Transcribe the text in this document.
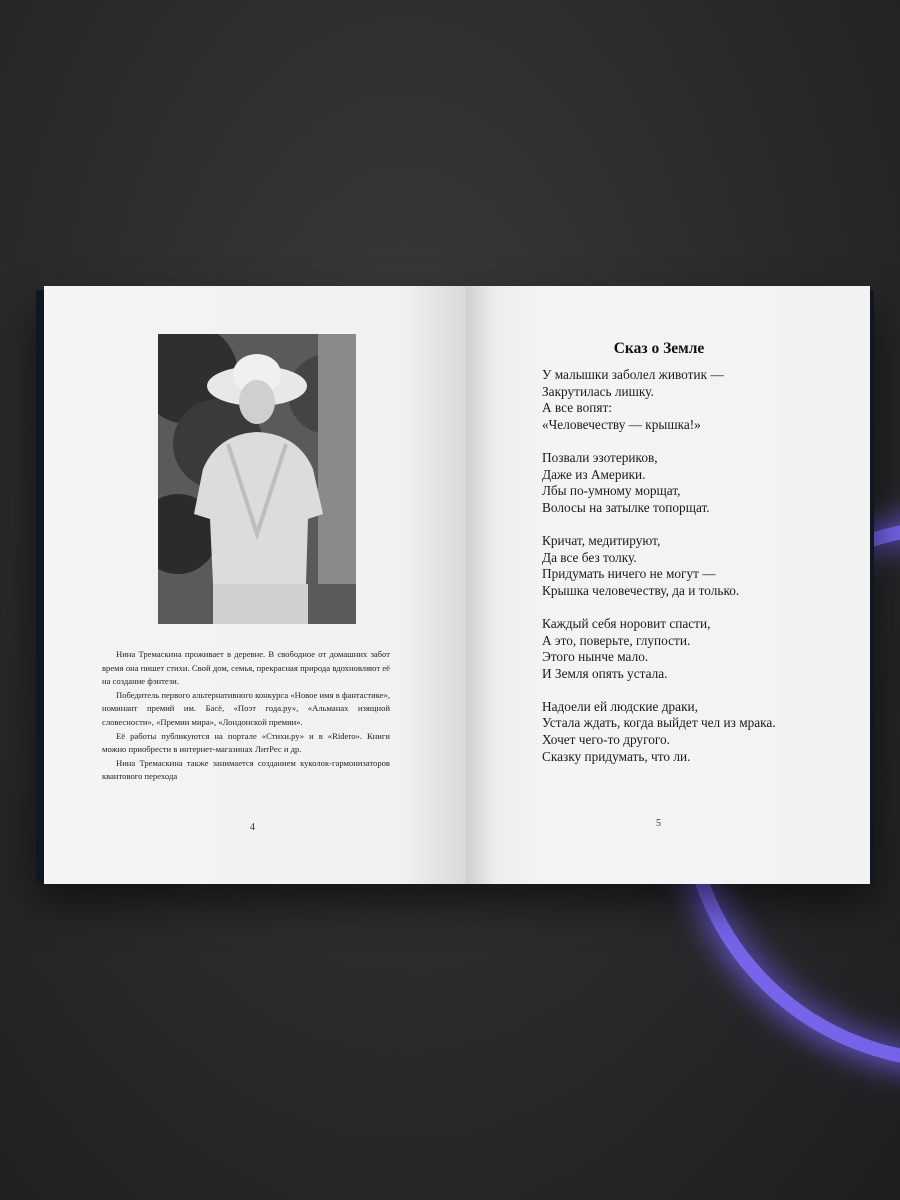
Нина Тремаскина проживает в деревне. В свободное от домашних забот время она пишет стихи. Свой дом, семья, прекрасная природа вдохновляют её на создание фэнтези.

Победитель первого альтернативного конкурса «Новое имя в фантастике», номинант премий им. Басё, «Поэт года.ру», «Альманах изящной словесности», «Премии мира», «Лондонской премии».

Её работы публикуются на портале «Стихи.ру» и в «Ridero». Книги можно приобрести в интернет-магазинах ЛитРес и др.

Нина Тремаскина также занимается созданием куколок-гармонизаторов квантового перехода

4
Сказ о Земле
У малышки заболел животик —
Закрутилась лишку.
А все вопят:
«Человечеству — крышка!»
Позвали эзотериков,
Даже из Америки.
Лбы по-умному морщат,
Волосы на затылке топорщат.
Кричат, медитируют,
Да все без толку.
Придумать ничего не могут —
Крышка человечеству, да и только.
Каждый себя норовит спасти,
А это, поверьте, глупости.
Этого нынче мало.
И Земля опять устала.
Надоели ей людские драки,
Устала ждать, когда выйдет чел из мрака.
Хочет чего-то другого.
Сказку придумать, что ли.
5
